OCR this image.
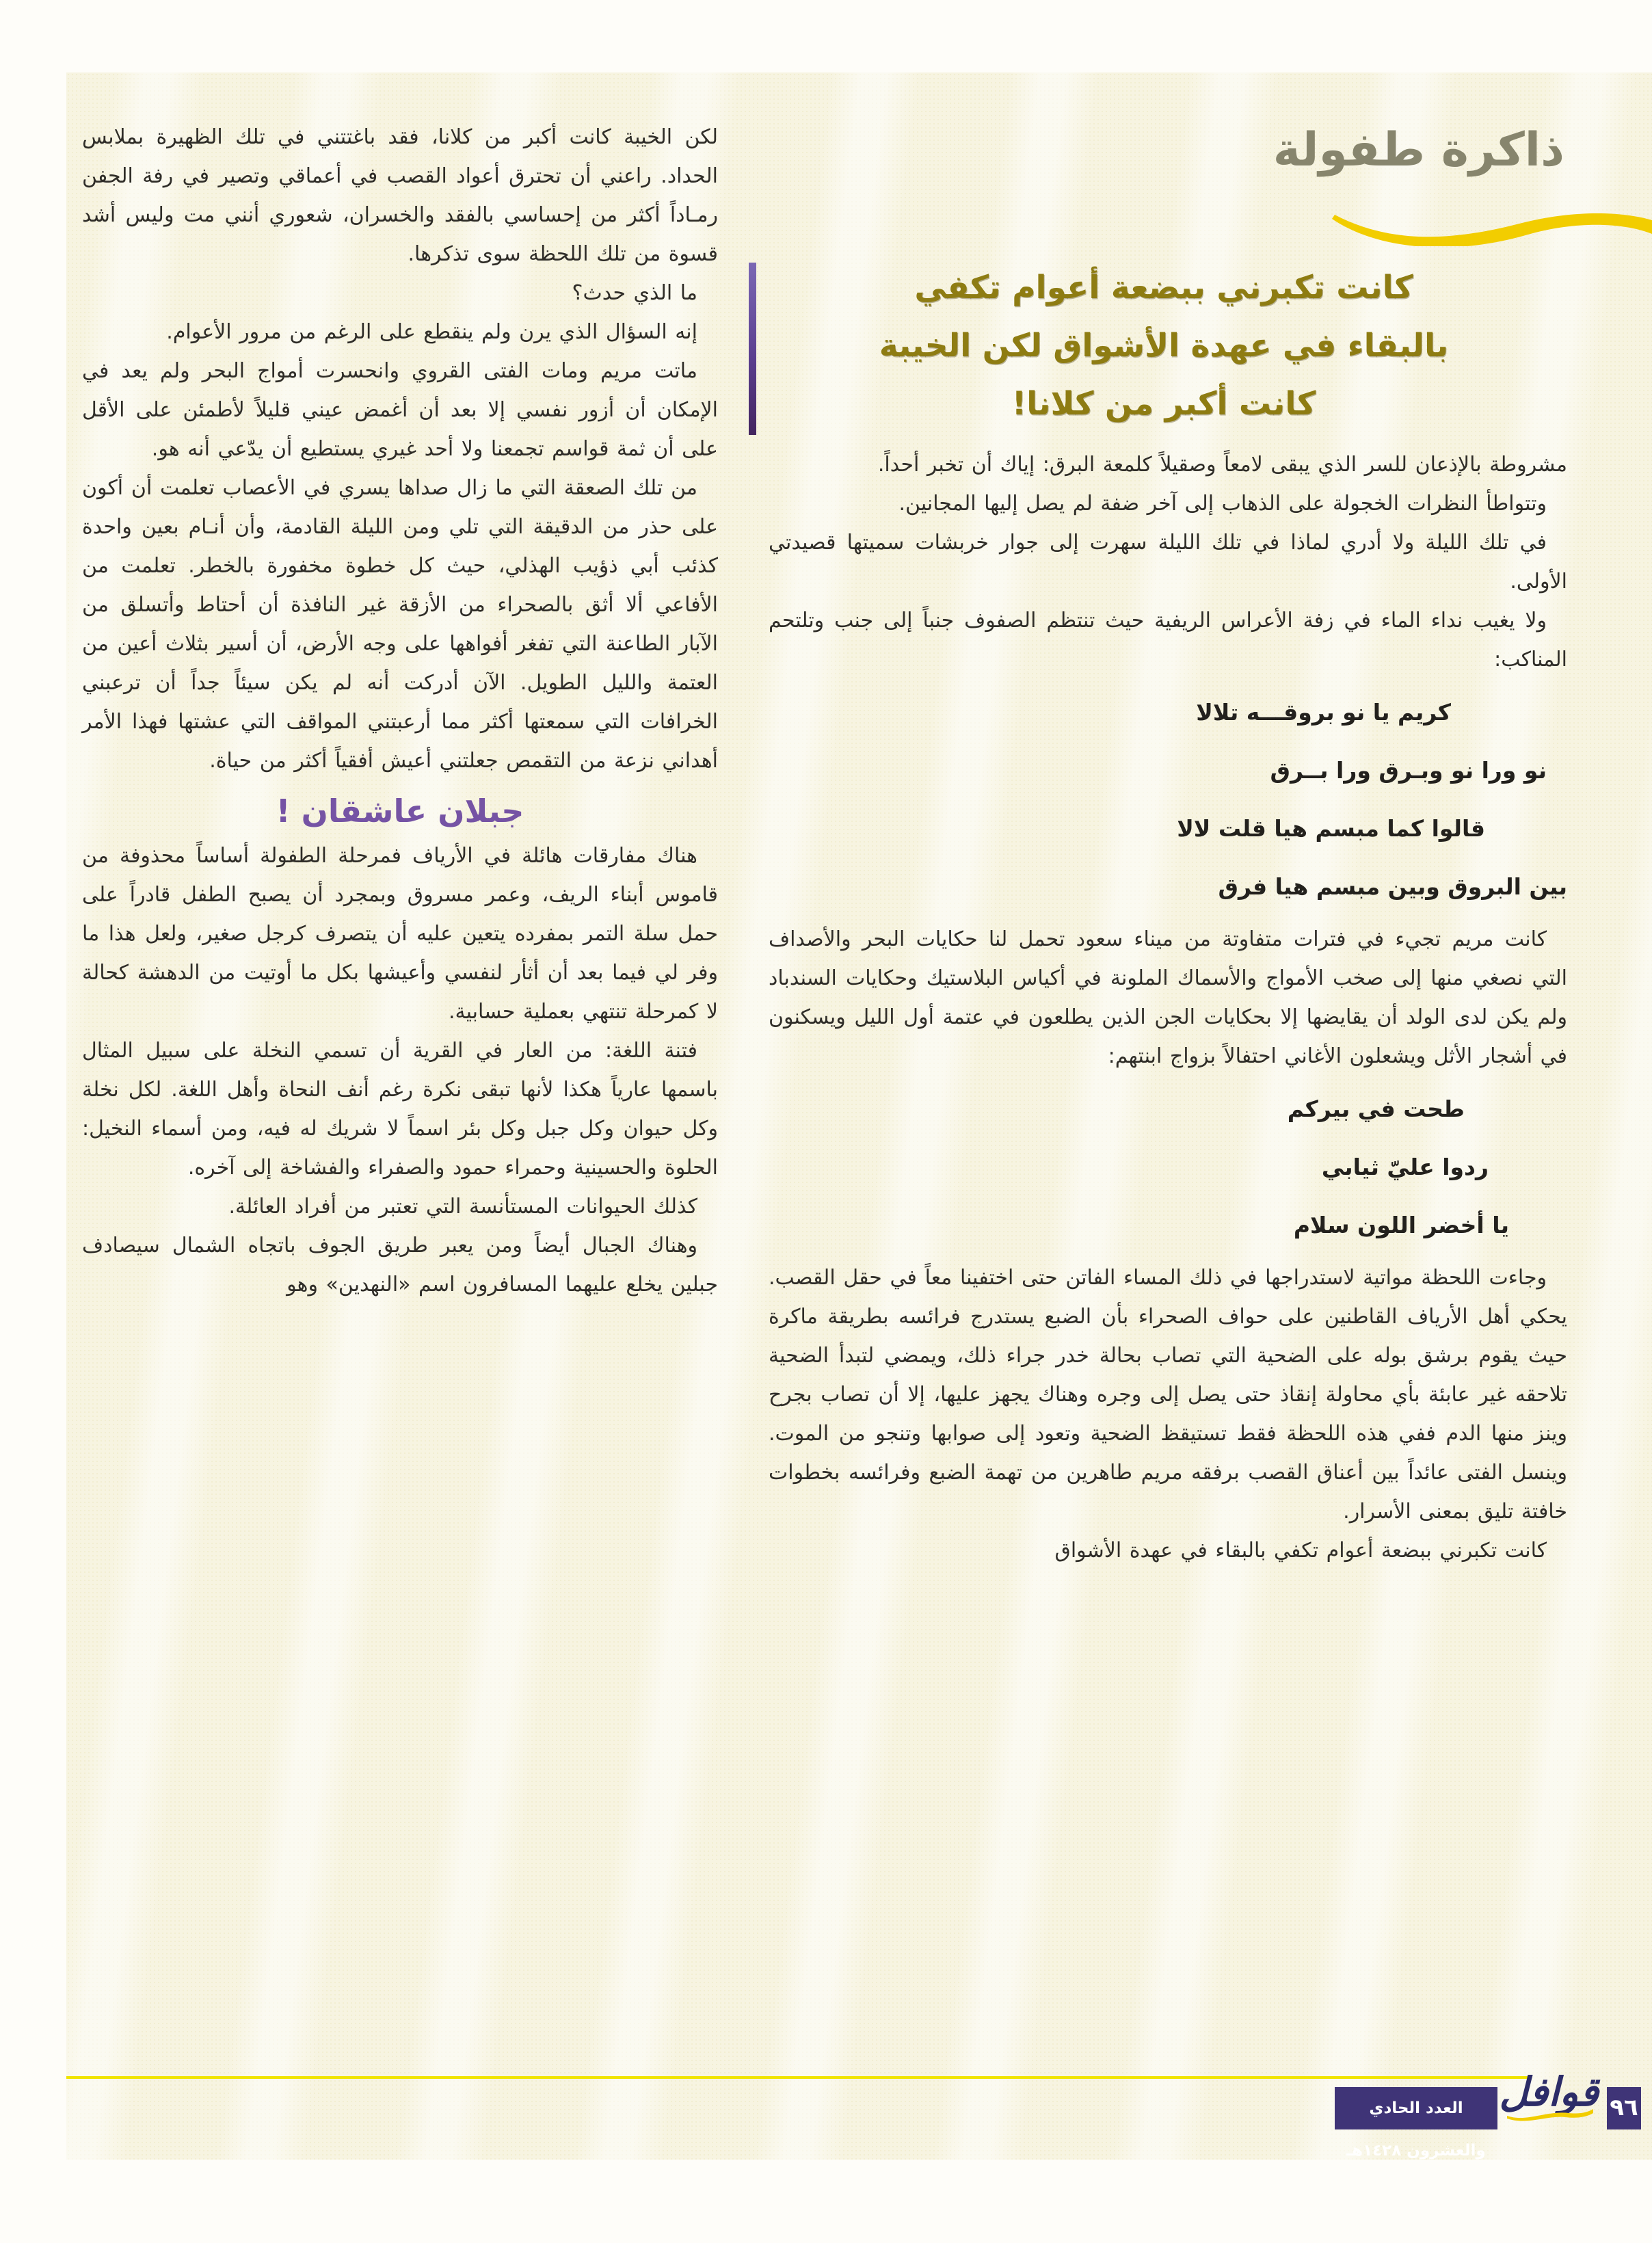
ذاكرة طفولة
كانت تكبرني ببضعة أعوام تكفي
بالبقاء في عهدة الأشواق لكن الخيبة
كانت أكبر من كلانا!

مشروطة بالإذعان للسر الذي يبقى لامعاً وصقيلاً كلمعة البرق: إياك أن تخبر أحداً.

وتتواطأ النظرات الخجولة على الذهاب إلى آخر ضفة لم يصل إليها المجانين.

في تلك الليلة ولا أدري لماذا في تلك الليلة سهرت إلى جوار خربشات سميتها قصيدتي الأولى.

ولا يغيب نداء الماء في زفة الأعراس الريفية حيث تنتظم الصفوف جنباً إلى جنب وتلتحم المناكب:

كريم يا نو بروقـــه تلالا
نو ورا نو وبـرق ورا بــرق
قالوا كما مبسم هيا قلت لالا
بين البروق وبين مبسم هيا فرق

كانت مريم تجيء في فترات متفاوتة من ميناء سعود تحمل لنا حكايات البحر والأصداف التي نصغي منها إلى صخب الأمواج والأسماك الملونة في أكياس البلاستيك وحكايات السندباد ولم يكن لدى الولد أن يقايضها إلا بحكايات الجن الذين يطلعون في عتمة أول الليل ويسكنون في أشجار الأثل ويشعلون الأغاني احتفالاً بزواج ابنتهم:

طحت في بيركم
ردوا عليّ ثيابي
يا أخضر اللون سلام

وجاءت اللحظة مواتية لاستدراجها في ذلك المساء الفاتن حتى اختفينا معاً في حقل القصب. يحكي أهل الأرياف القاطنين على حواف الصحراء بأن الضبع يستدرج فرائسه بطريقة ماكرة حيث يقوم برشق بوله على الضحية التي تصاب بحالة خدر جراء ذلك، ويمضي لتبدأ الضحية تلاحقه غير عابئة بأي محاولة إنقاذ حتى يصل إلى وجره وهناك يجهز عليها، إلا أن تصاب بجرح وينز منها الدم ففي هذه اللحظة فقط تستيقظ الضحية وتعود إلى صوابها وتنجو من الموت. وينسل الفتى عائداً بين أعناق القصب برفقه مريم طاهرين من تهمة الضبع وفرائسه بخطوات خافتة تليق بمعنى الأسرار.

كانت تكبرني ببضعة أعوام تكفي بالبقاء في عهدة الأشواق

لكن الخيبة كانت أكبر من كلانا، فقد باغتتني في تلك الظهيرة بملابس الحداد. راعني أن تحترق أعواد القصب في أعماقي وتصير في رفة الجفن رمـاداً أكثر من إحساسي بالفقد والخسران، شعوري أنني مت وليس أشد قسوة من تلك اللحظة سوى تذكرها.

ما الذي حدث؟

إنه السؤال الذي يرن ولم ينقطع على الرغم من مرور الأعوام.

ماتت مريم ومات الفتى القروي وانحسرت أمواج البحر ولم يعد في الإمكان أن أزور نفسي إلا بعد أن أغمض عيني قليلاً لأطمئن على الأقل على أن ثمة قواسم تجمعنا ولا أحد غيري يستطيع أن يدّعي أنه هو.

من تلك الصعقة التي ما زال صداها يسري في الأعصاب تعلمت أن أكون على حذر من الدقيقة التي تلي ومن الليلة القادمة، وأن أنـام بعين واحدة كذئب أبي ذؤيب الهذلي، حيث كل خطوة مخفورة بالخطر. تعلمت من الأفاعي ألا أثق بالصحراء من الأزقة غير النافذة أن أحتاط وأتسلق من الآبار الطاعنة التي تفغر أفواهها على وجه الأرض، أن أسير بثلاث أعين من العتمة والليل الطويل. الآن أدركت أنه لم يكن سيئاً جداً أن ترعبني الخرافات التي سمعتها أكثر مما أرعبتني المواقف التي عشتها فهذا الأمر أهداني نزعة من التقمص جعلتني أعيش أفقياً أكثر من حياة.

جبلان عاشقان !

هناك مفارقات هائلة في الأرياف فمرحلة الطفولة أساساً محذوفة من قاموس أبناء الريف، وعمر مسروق وبمجرد أن يصبح الطفل قادراً على حمل سلة التمر بمفرده يتعين عليه أن يتصرف كرجل صغير، ولعل هذا ما وفر لي فيما بعد أن أثأر لنفسي وأعيشها بكل ما أوتيت من الدهشة كحالة لا كمرحلة تنتهي بعملية حسابية.

فتنة اللغة: من العار في القرية أن تسمي النخلة على سبيل المثال باسمها عارياً هكذا لأنها تبقى نكرة رغم أنف النحاة وأهل اللغة. لكل نخلة وكل حيوان وكل جبل وكل بئر اسماً لا شريك له فيه، ومن أسماء النخيل: الحلوة والحسينية وحمراء حمود والصفراء والفشاخة إلى آخره.

كذلك الحيوانات المستأنسة التي تعتبر من أفراد العائلة.

وهناك الجبال أيضاً ومن يعبر طريق الجوف باتجاه الشمال سيصادف جبلين يخلع عليهما المسافرون اسم «النهدين» وهو

العدد الحادي والعشرون ١٤٢٨هـ
قوافل ٩٦
